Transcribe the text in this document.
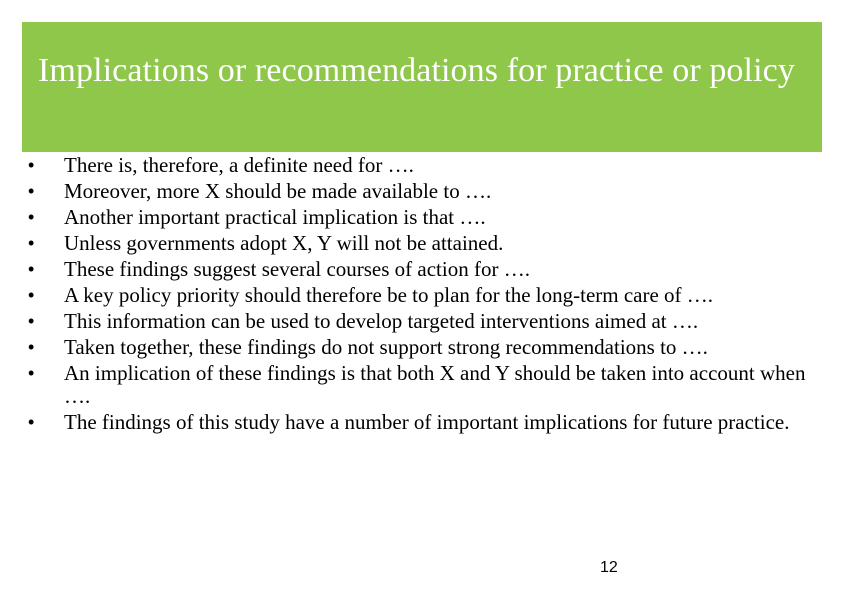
Implications or recommendations for practice or policy
• There is, therefore, a definite need for ….
• Moreover, more X should be made available to ….
• Another important practical implication is that ….
• Unless governments adopt X, Y will not be attained.
• These findings suggest several courses of action for ….
• A key policy priority should therefore be to plan for the long-term care of ….
• This information can be used to develop targeted interventions aimed at ….
• Taken together, these findings do not support strong recommendations to ….
• An implication of these findings is that both X and Y should be taken into account when ….
• The findings of this study have a number of important implications for future practice.
12
